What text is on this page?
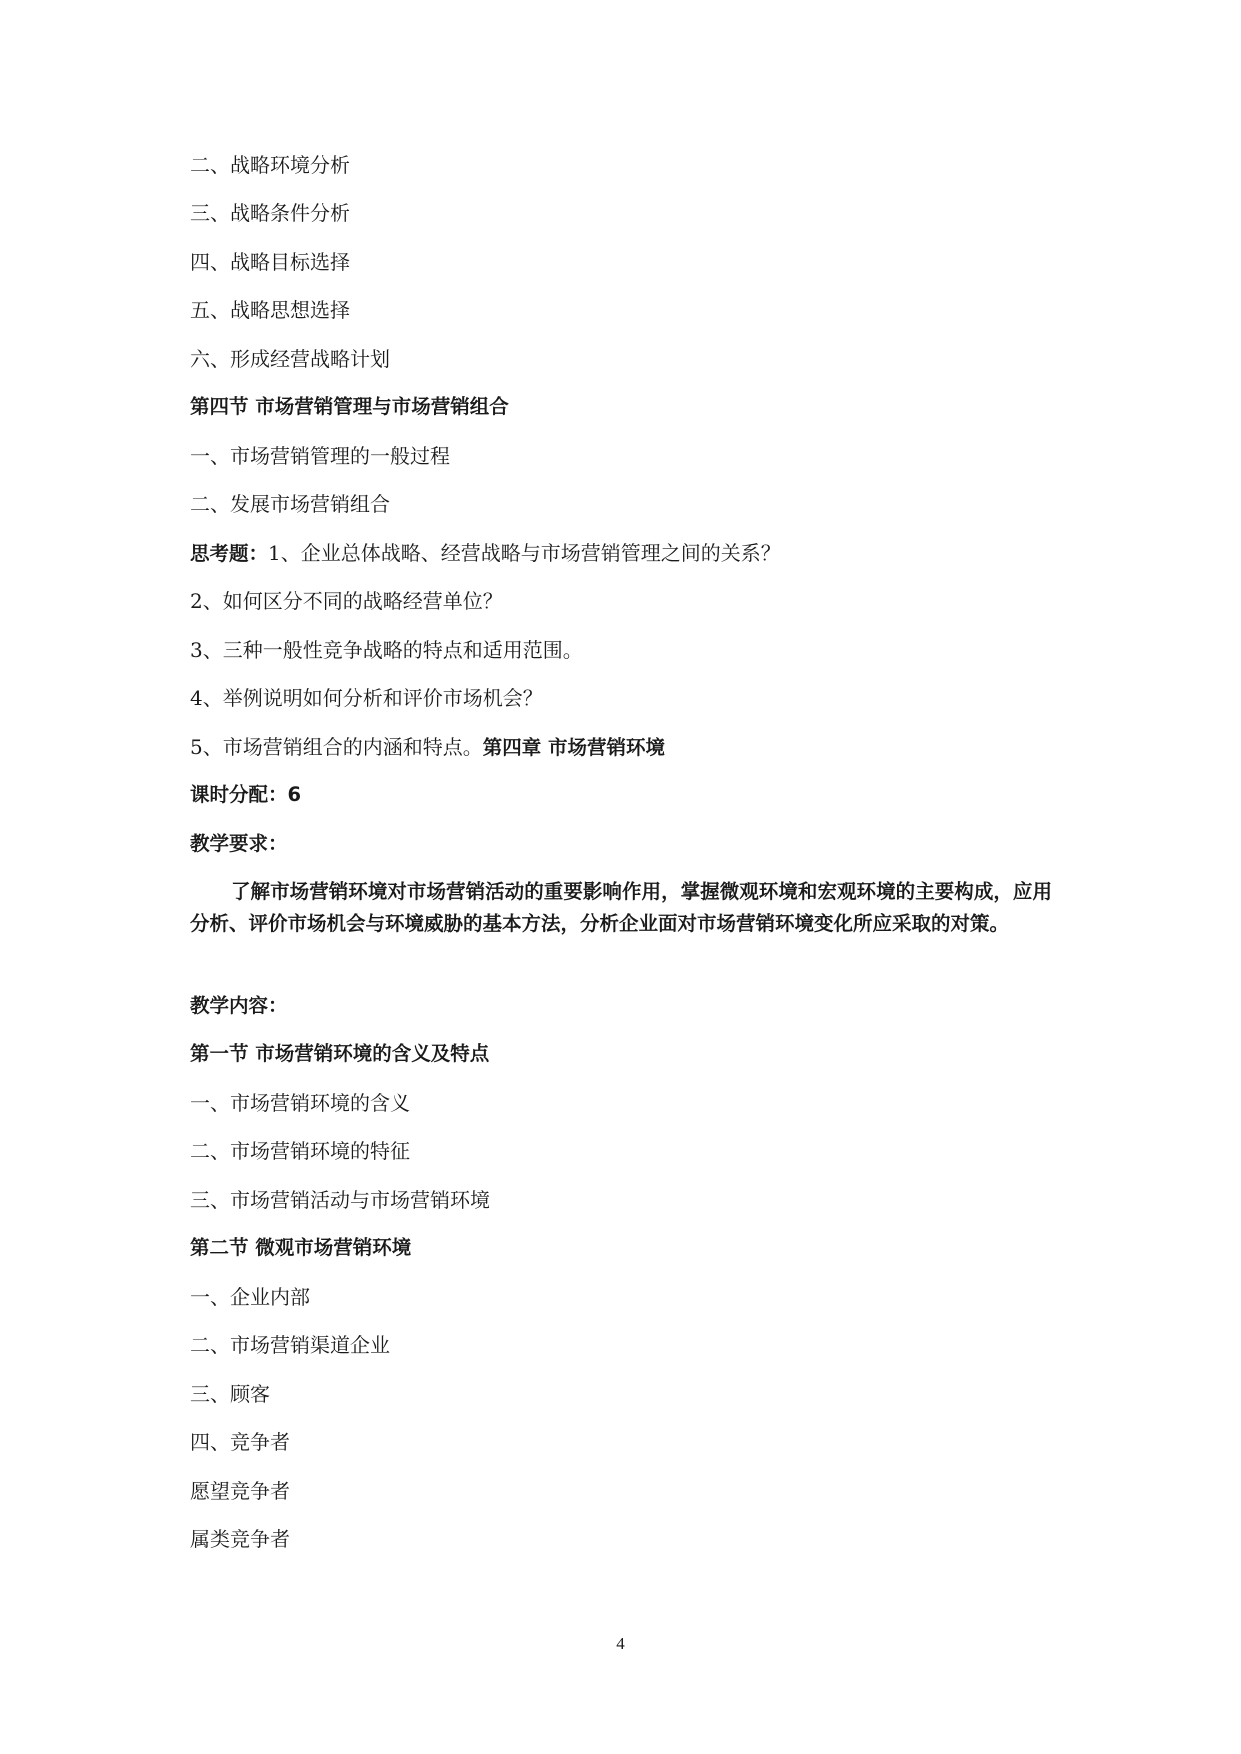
二、战略环境分析

三、战略条件分析

四、战略目标选择

五、战略思想选择

六、形成经营战略计划

第四节 市场营销管理与市场营销组合

一、市场营销管理的一般过程

二、发展市场营销组合

思考题：1、企业总体战略、经营战略与市场营销管理之间的关系？

2、如何区分不同的战略经营单位？

3、三种一般性竞争战略的特点和适用范围。

4、举例说明如何分析和评价市场机会？

5、市场营销组合的内涵和特点。第四章 市场营销环境

课时分配：6

教学要求：

了解市场营销环境对市场营销活动的重要影响作用，掌握微观环境和宏观环境的主要构成，应用分析、评价市场机会与环境威胁的基本方法，分析企业面对市场营销环境变化所应采取的对策。

教学内容：

第一节 市场营销环境的含义及特点

一、市场营销环境的含义

二、市场营销环境的特征

三、市场营销活动与市场营销环境

第二节 微观市场营销环境

一、企业内部

二、市场营销渠道企业

三、顾客

四、竞争者

愿望竞争者

属类竞争者

4
